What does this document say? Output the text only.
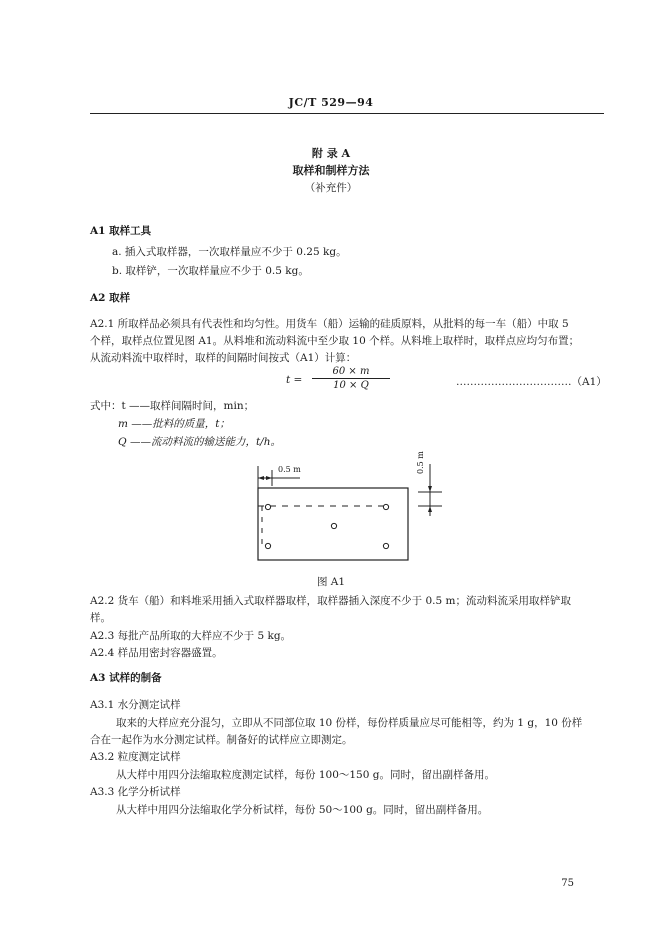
JC/T 529—94
附 录 A
取样和制样方法
（补充件）
A1 取样工具
a. 插入式取样器，一次取样量应不少于 0.25 kg。
b. 取样铲，一次取样量应不少于 0.5 kg。
A2 取样
A2.1 所取样品必须具有代表性和均匀性。用货车（船）运输的硅质原料，从批料的每一车（船）中取 5
个样，取样点位置见图 A1。从料堆和流动料流中至少取 10 个样。从料堆上取样时，取样点应均匀布置；
从流动料流中取样时，取样的间隔时间按式（A1）计算：
$t = \frac{60 \times m}{10 \times Q}$	……………………………（A1）
式中：t ——取样间隔时间，min；
m ——批料的质量，t；
Q ——流动料流的输送能力，t/h。
0.5 m	0.5 m
图 A1
A2.2 货车（船）和料堆采用插入式取样器取样，取样器插入深度不少于 0.5 m；流动料流采用取样铲取
样。
A2.3 每批产品所取的大样应不少于 5 kg。
A2.4 样品用密封容器盛置。
A3 试样的制备
A3.1 水分测定试样
取来的大样应充分混匀，立即从不同部位取 10 份样，每份样质量应尽可能相等，约为 1 g，10 份样
合在一起作为水分测定试样。制备好的试样应立即测定。
A3.2 粒度测定试样
从大样中用四分法缩取粒度测定试样，每份 100～150 g。同时，留出副样备用。
A3.3 化学分析试样
从大样中用四分法缩取化学分析试样，每份 50～100 g。同时，留出副样备用。
75
